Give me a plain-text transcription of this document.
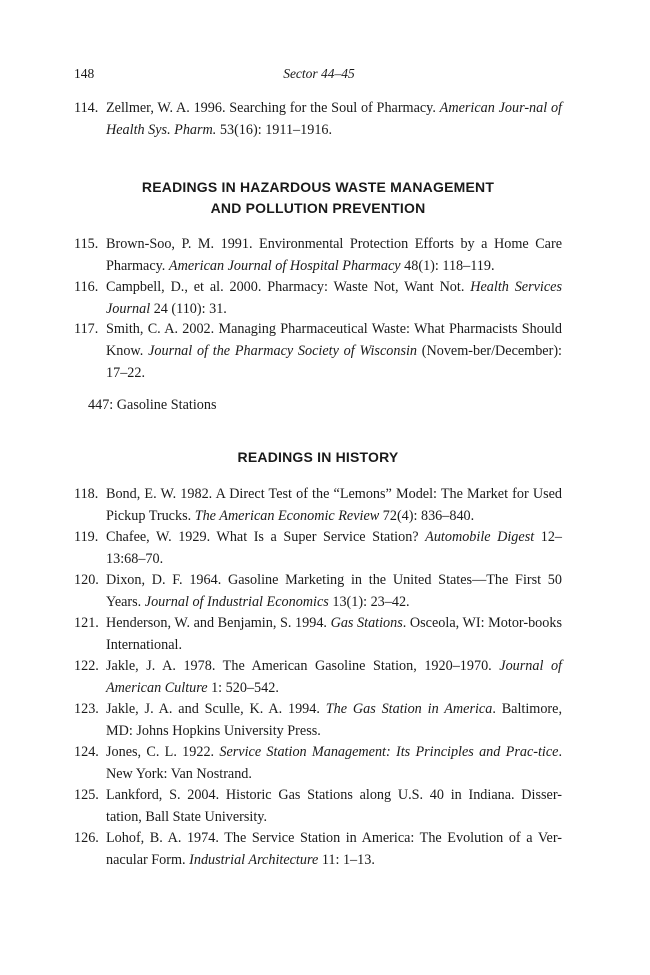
148	Sector 44–45
114. Zellmer, W. A. 1996. Searching for the Soul of Pharmacy. American Jour-nal of Health Sys. Pharm. 53(16): 1911–1916.
READINGS IN HAZARDOUS WASTE MANAGEMENT
AND POLLUTION PREVENTION
115. Brown-Soo, P. M. 1991. Environmental Protection Efforts by a Home Care Pharmacy. American Journal of Hospital Pharmacy 48(1): 118–119.
116. Campbell, D., et al. 2000. Pharmacy: Waste Not, Want Not. Health Services Journal 24 (110): 31.
117. Smith, C. A. 2002. Managing Pharmaceutical Waste: What Pharmacists Should Know. Journal of the Pharmacy Society of Wisconsin (Novem-ber/December): 17–22.
447: Gasoline Stations
READINGS IN HISTORY
118. Bond, E. W. 1982. A Direct Test of the “Lemons” Model: The Market for Used Pickup Trucks. The American Economic Review 72(4): 836–840.
119. Chafee, W. 1929. What Is a Super Service Station? Automobile Digest 12–13:68–70.
120. Dixon, D. F. 1964. Gasoline Marketing in the United States—The First 50 Years. Journal of Industrial Economics 13(1): 23–42.
121. Henderson, W. and Benjamin, S. 1994. Gas Stations. Osceola, WI: Motor-books International.
122. Jakle, J. A. 1978. The American Gasoline Station, 1920–1970. Journal of American Culture 1: 520–542.
123. Jakle, J. A. and Sculle, K. A. 1994. The Gas Station in America. Baltimore, MD: Johns Hopkins University Press.
124. Jones, C. L. 1922. Service Station Management: Its Principles and Prac-tice. New York: Van Nostrand.
125. Lankford, S. 2004. Historic Gas Stations along U.S. 40 in Indiana. Disser-tation, Ball State University.
126. Lohof, B. A. 1974. The Service Station in America: The Evolution of a Ver-nacular Form. Industrial Architecture 11: 1–13.
